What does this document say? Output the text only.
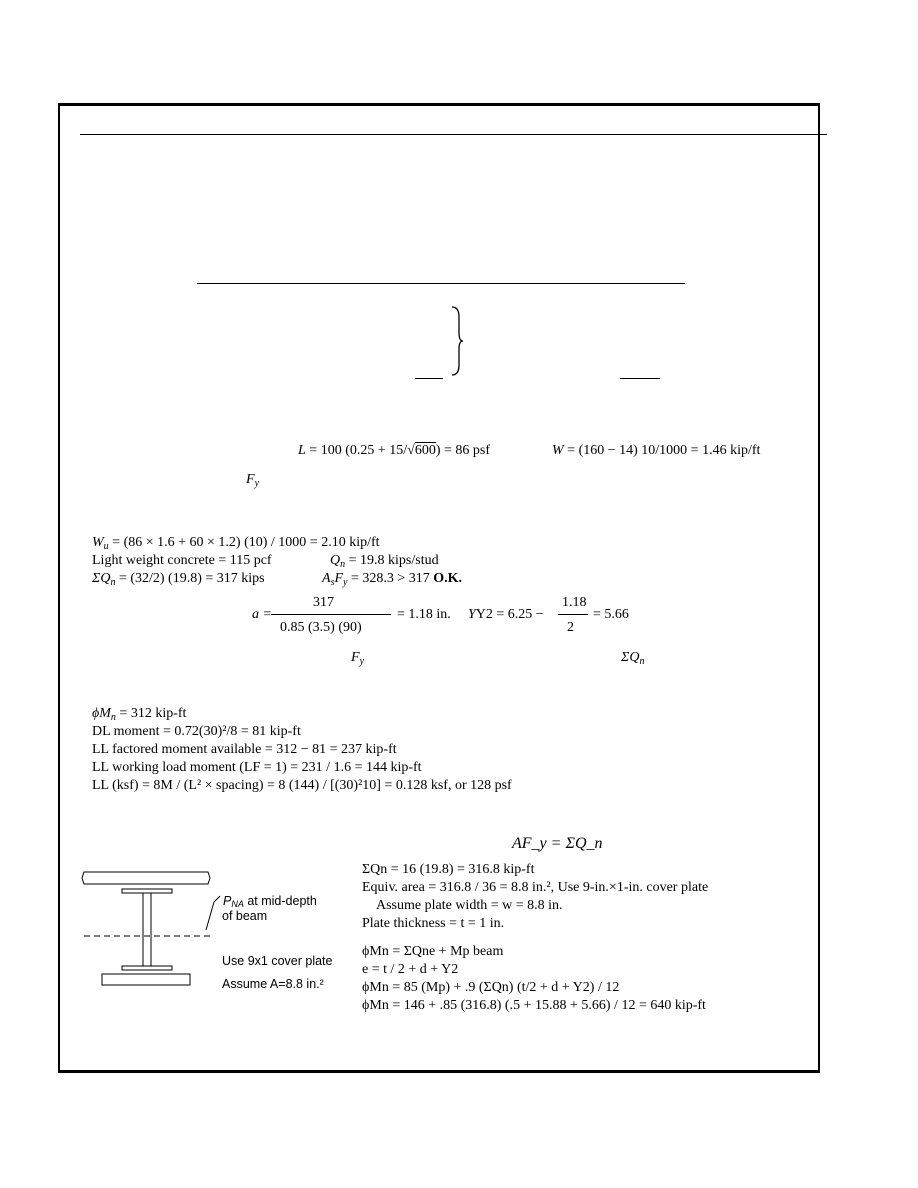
L = 100 (0.25 + 15/√600) = 86 psf	W = (160 − 14) 10/1000 = 1.46 kip/ft
$F_y$
$W_u = (86 \times 1.6 + 60 \times 1.2)$ (10) / 1000 = 2.10 kip/ft
Light weight concrete = 115 pcf	$Q_n = 19.8$ kips/stud
$\Sigma Q_n = (32/2) (19.8) = 317$ kips	$A_sF_y = 328.3 > 317$ O.K.
a =
317
0.85 (3.5) (90)
= 1.18 in. YY2 = 6.25 −
1.18
2
= 5.66
$F_y$	$\Sigma Q_n$
$\phi M_n = 312$ kip-ft
DL moment = 0.72(30)²/8 = 81 kip-ft
LL factored moment available = 312 − 81 = 237 kip-ft
LL working load moment (LF = 1) = 231 / 1.6 = 144 kip-ft
LL (ksf) = 8M / (L² × spacing) = 8 (144) / [(30)²10] = 0.128 ksf, or 128 psf
AF_y = ΣQ_n
ΣQn = 16 (19.8) = 316.8 kip-ft
Equiv. area = 316.8 / 36 = 8.8 in.², Use 9-in.×1-in. cover plate
Assume plate width = w = 8.8 in.
Plate thickness = t = 1 in.
ϕMn = ΣQne + Mp beam
e = t / 2 + d + Y2
ϕMn = 85 (Mp) + .9 (ΣQn) (t/2 + d + Y2) / 12
ϕMn = 146 + .85 (316.8) (.5 + 15.88 + 5.66) / 12 = 640 kip-ft
PNA at mid-depth
of beam
Use 9x1 cover plate
Assume A=8.8 in.²
